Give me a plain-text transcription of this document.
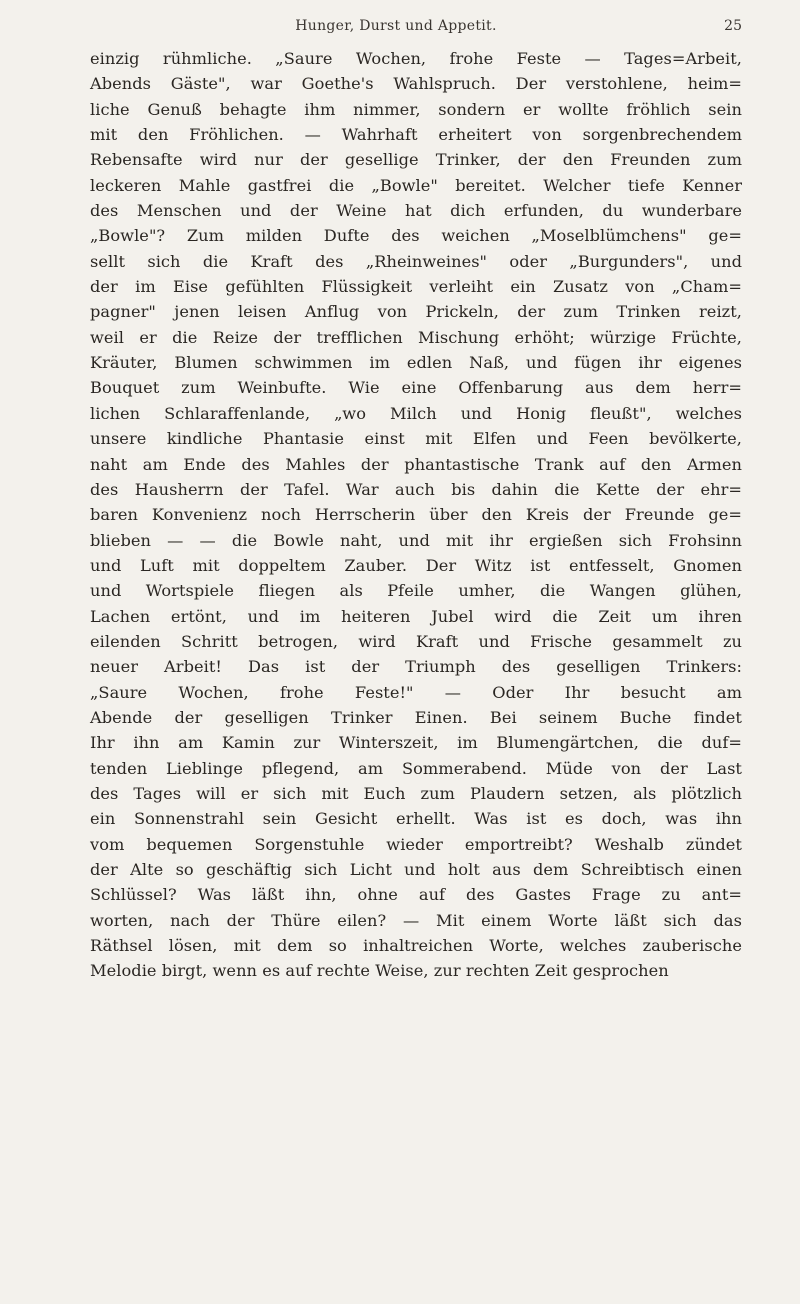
Hunger, Durst und Appetit.	25
einzig rühmliche. „Saure Wochen, frohe Feste — Tages=Arbeit,
Abends Gäste", war Goethe's Wahlspruch. Der verstohlene, heim=
liche Genuß behagte ihm nimmer, sondern er wollte fröhlich sein
mit den Fröhlichen. — Wahrhaft erheitert von sorgenbrechendem
Rebensafte wird nur der gesellige Trinker, der den Freunden zum
leckeren Mahle gastfrei die „Bowle" bereitet. Welcher tiefe Kenner
des Menschen und der Weine hat dich erfunden, du wunderbare
„Bowle"? Zum milden Dufte des weichen „Moselblümchens" ge=
sellt sich die Kraft des „Rheinweines" oder „Burgunders", und
der im Eise gefühlten Flüssigkeit verleiht ein Zusatz von „Cham=
pagner" jenen leisen Anflug von Prickeln, der zum Trinken reizt,
weil er die Reize der trefflichen Mischung erhöht; würzige Früchte,
Kräuter, Blumen schwimmen im edlen Naß, und fügen ihr eigenes
Bouquet zum Weinbufte. Wie eine Offenbarung aus dem herr=
lichen Schlaraffenlande, „wo Milch und Honig fleußt", welches
unsere kindliche Phantasie einst mit Elfen und Feen bevölkerte,
naht am Ende des Mahles der phantastische Trank auf den Armen
des Hausherrn der Tafel. War auch bis dahin die Kette der ehr=
baren Konvenienz noch Herrscherin über den Kreis der Freunde ge=
blieben — — die Bowle naht, und mit ihr ergießen sich Frohsinn
und Luft mit doppeltem Zauber. Der Witz ist entfesselt, Gnomen
und Wortspiele fliegen als Pfeile umher, die Wangen glühen,
Lachen ertönt, und im heiteren Jubel wird die Zeit um ihren
eilenden Schritt betrogen, wird Kraft und Frische gesammelt zu
neuer Arbeit! Das ist der Triumph des geselligen Trinkers:
„Saure Wochen, frohe Feste!" — Oder Ihr besucht am
Abende der geselligen Trinker Einen. Bei seinem Buche findet
Ihr ihn am Kamin zur Winterszeit, im Blumengärtchen, die duf=
tenden Lieblinge pflegend, am Sommerabend. Müde von der Last
des Tages will er sich mit Euch zum Plaudern setzen, als plötzlich
ein Sonnenstrahl sein Gesicht erhellt. Was ist es doch, was ihn
vom bequemen Sorgenstuhle wieder emportreibt? Weshalb zündet
der Alte so geschäftig sich Licht und holt aus dem Schreibtisch einen
Schlüssel? Was läßt ihn, ohne auf des Gastes Frage zu ant=
worten, nach der Thüre eilen? — Mit einem Worte läßt sich das
Räthsel lösen, mit dem so inhaltreichen Worte, welches zauberische
Melodie birgt, wenn es auf rechte Weise, zur rechten Zeit gesprochen
